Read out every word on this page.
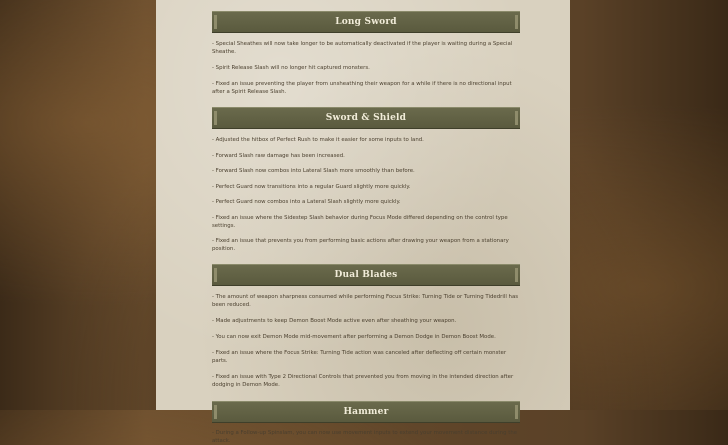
Long Sword
- Special Sheathes will now take longer to be automatically deactivated if the player is waiting during a Special Sheathe.
- Spirit Release Slash will no longer hit captured monsters.
- Fixed an issue preventing the player from unsheathing their weapon for a while if there is no directional input after a Spirit Release Slash.
Sword & Shield
- Adjusted the hitbox of Perfect Rush to make it easier for some inputs to land.
- Forward Slash raw damage has been increased.
- Forward Slash now combos into Lateral Slash more smoothly than before.
- Perfect Guard now transitions into a regular Guard slightly more quickly.
- Perfect Guard now combos into a Lateral Slash slightly more quickly.
- Fixed an issue where the Sidestep Slash behavior during Focus Mode differed depending on the control type settings.
- Fixed an issue that prevents you from performing basic actions after drawing your weapon from a stationary position.
Dual Blades
- The amount of weapon sharpness consumed while performing Focus Strike: Turning Tide or Turning Tidedrill has been reduced.
- Made adjustments to keep Demon Boost Mode active even after sheathing your weapon.
- You can now exit Demon Mode mid-movement after performing a Demon Dodge in Demon Boost Mode.
- Fixed an issue where the Focus Strike: Turning Tide action was canceled after deflecting off certain monster parts.
- Fixed an issue with Type 2 Directional Controls that prevented you from moving in the intended direction after dodging in Demon Mode.
Hammer
- During a Follow-up Spinslam, you can now use movement inputs to extend your movement distance during the attack.
